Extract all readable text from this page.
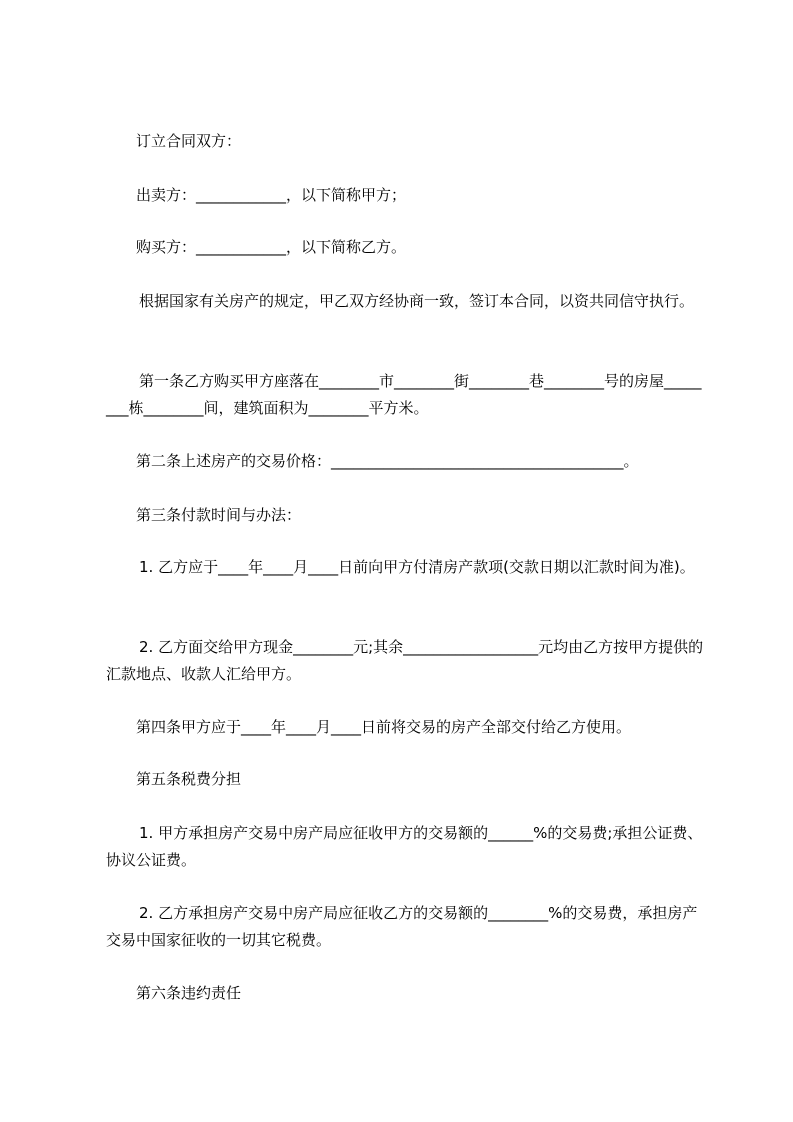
订立合同双方：

出卖方：____________，以下简称甲方；

购买方：____________，以下简称乙方。

根据国家有关房产的规定，甲乙双方经协商一致，签订本合同，以资共同信守执行。

第一条乙方购买甲方座落在________市________街________巷________号的房屋________栋________间，建筑面积为________平方米。

第二条上述房产的交易价格：_______________________________________。

第三条付款时间与办法：

1. 乙方应于____年____月____日前向甲方付清房产款项(交款日期以汇款时间为准)。

2. 乙方面交给甲方现金________元;其余__________________元均由乙方按甲方提供的汇款地点、收款人汇给甲方。

第四条甲方应于____年____月____日前将交易的房产全部交付给乙方使用。

第五条税费分担

1. 甲方承担房产交易中房产局应征收甲方的交易额的______%的交易费;承担公证费、协议公证费。

2. 乙方承担房产交易中房产局应征收乙方的交易额的________%的交易费，承担房产交易中国家征收的一切其它税费。

第六条违约责任
